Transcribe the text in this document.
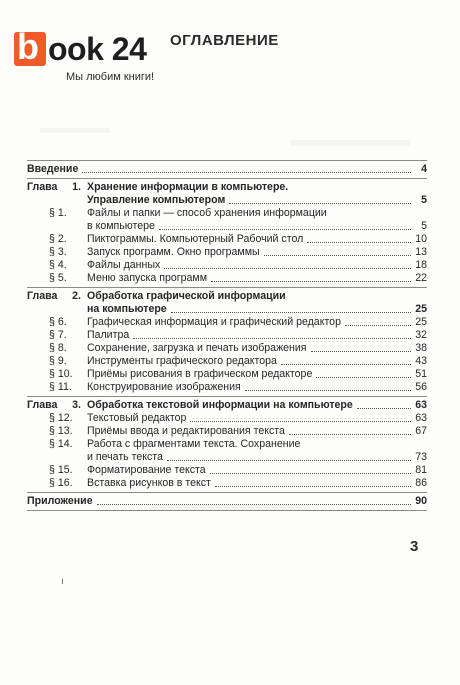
b ook 24
Мы любим книги!
ОГЛАВЛЕНИЕ
Введение	4
Глава	1. Хранение информации в компьютере.
Управление компьютером	5
§ 1.	Файлы и папки — способ хранения информации
в компьютере	5
§ 2.	Пиктограммы. Компьютерный Рабочий стол	10
§ 3.	Запуск программ. Окно программы	13
§ 4.	Файлы данных	18
§ 5.	Меню запуска программ	22
Глава	2. Обработка графической информации
на компьютере	25
§ 6.	Графическая информация и графический редактор	25
§ 7.	Палитра	32
§ 8.	Сохранение, загрузка и печать изображения	38
§ 9.	Инструменты графического редактора	43
§ 10.	Приёмы рисования в графическом редакторе	51
§ 11.	Конструирование изображения	56
Глава	3. Обработка текстовой информации на компьютере	63
§ 12.	Текстовый редактор	63
§ 13.	Приёмы ввода и редактирования текста	67
§ 14.	Работа с фрагментами текста. Сохранение
и печать текста	73
§ 15.	Форматирование текста	81
§ 16.	Вставка рисунков в текст	86
Приложение	90
3
